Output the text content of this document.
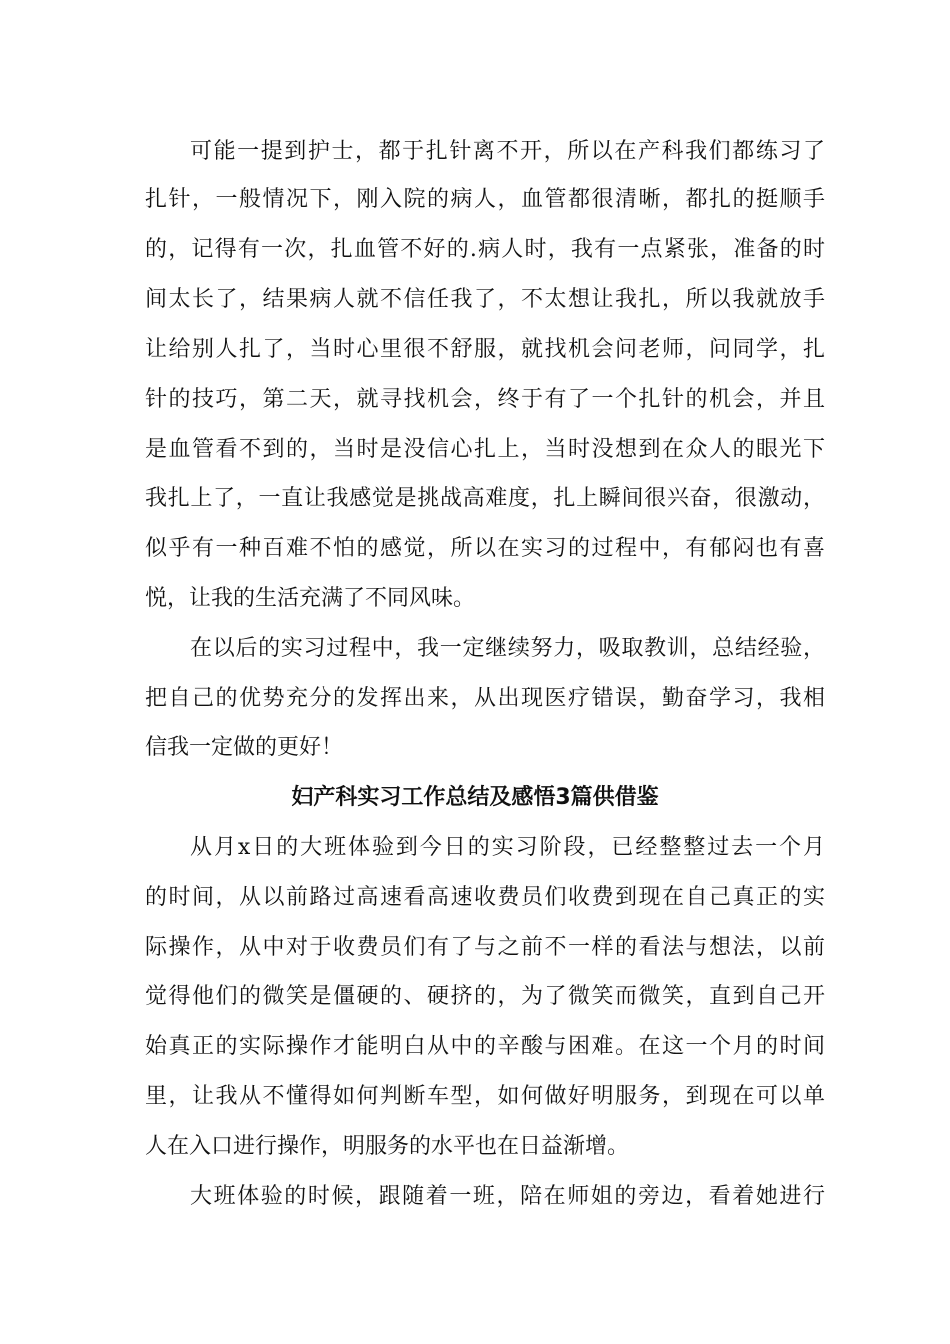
可能一提到护士，都于扎针离不开，所以在产科我们都练习了
扎针，一般情况下，刚入院的病人，血管都很清晰，都扎的挺顺手
的，记得有一次，扎血管不好的.病人时，我有一点紧张，准备的时
间太长了，结果病人就不信任我了，不太想让我扎，所以我就放手
让给别人扎了，当时心里很不舒服，就找机会问老师，问同学，扎
针的技巧，第二天，就寻找机会，终于有了一个扎针的机会，并且
是血管看不到的，当时是没信心扎上，当时没想到在众人的眼光下
我扎上了，一直让我感觉是挑战高难度，扎上瞬间很兴奋，很激动，
似乎有一种百难不怕的感觉，所以在实习的过程中，有郁闷也有喜
悦，让我的生活充满了不同风味。
在以后的实习过程中，我一定继续努力，吸取教训，总结经验，
把自己的优势充分的发挥出来，从出现医疗错误，勤奋学习，我相
信我一定做的更好！
妇产科实习工作总结及感悟3篇供借鉴
从月x日的大班体验到今日的实习阶段，已经整整过去一个月
的时间，从以前路过高速看高速收费员们收费到现在自己真正的实
际操作，从中对于收费员们有了与之前不一样的看法与想法，以前
觉得他们的微笑是僵硬的、硬挤的，为了微笑而微笑，直到自己开
始真正的实际操作才能明白从中的辛酸与困难。在这一个月的时间
里，让我从不懂得如何判断车型，如何做好明服务，到现在可以单
人在入口进行操作，明服务的水平也在日益渐增。
大班体验的时候，跟随着一班，陪在师姐的旁边，看着她进行
